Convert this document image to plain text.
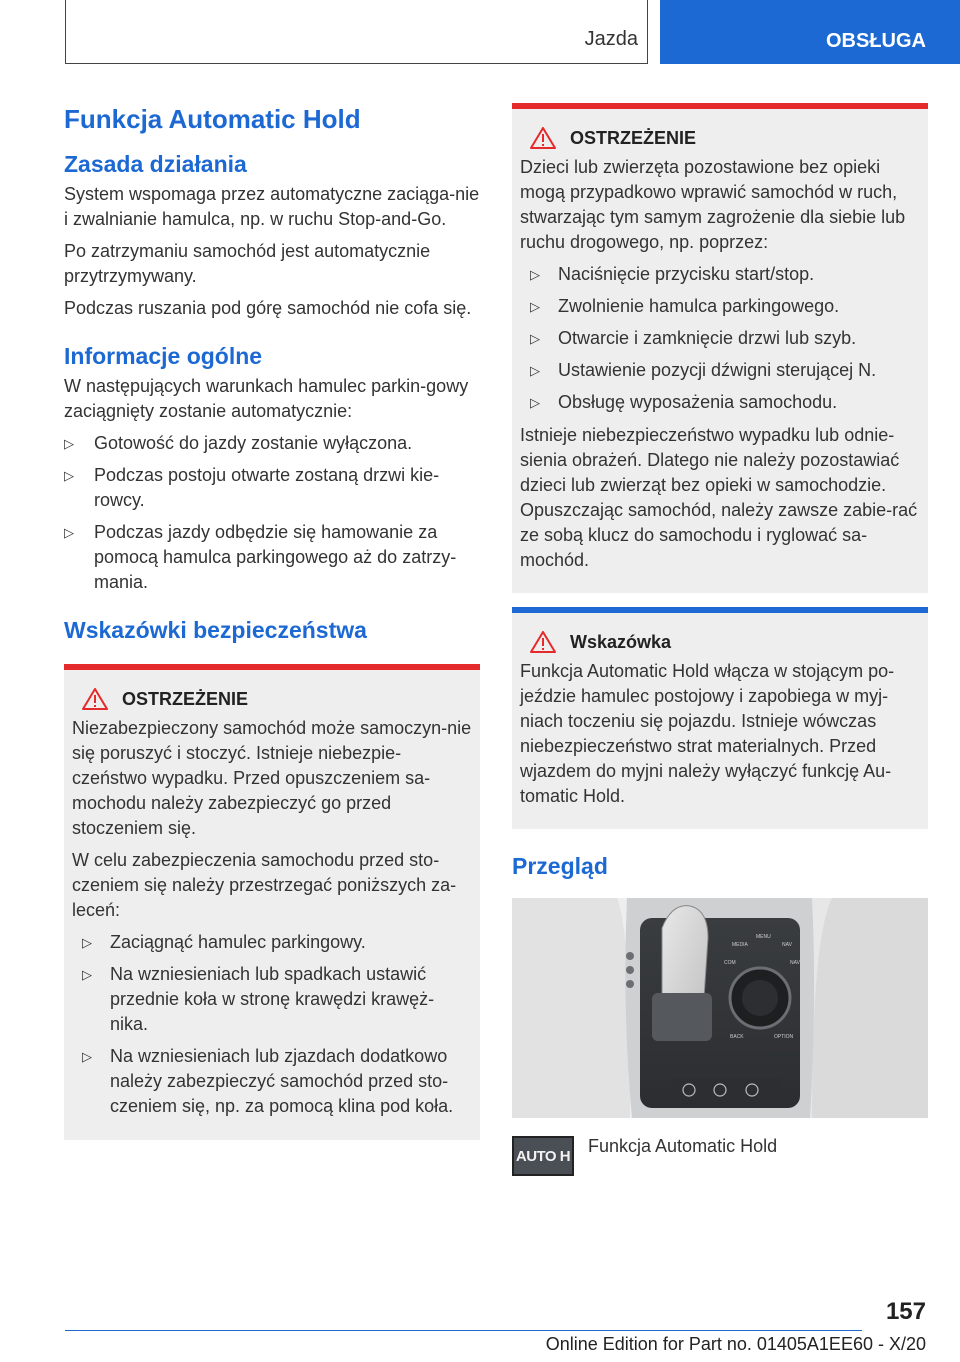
Jazda	OBSŁUGA
Funkcja Automatic Hold
Zasada działania

System wspomaga przez automatyczne zaciąga-nie i zwalnianie hamulca, np. w ruchu Stop-and-Go.

Po zatrzymaniu samochód jest automatycznie przytrzymywany.

Podczas ruszania pod górę samochód nie cofa się.

Informacje ogólne

W następujących warunkach hamulec parkin-gowy zaciągnięty zostanie automatycznie:

▷ Gotowość do jazdy zostanie wyłączona.
▷ Podczas postoju otwarte zostaną drzwi kie-rowcy.
▷ Podczas jazdy odbędzie się hamowanie za pomocą hamulca parkingowego aż do zatrzy-mania.
Wskazówki bezpieczeństwa
OSTRZEŻENIE

Niezabezpieczony samochód może samoczyn-nie się poruszyć i stoczyć. Istnieje niebezpie-czeństwo wypadku. Przed opuszczeniem sa-mochodu należy zabezpieczyć go przed stoczeniem się.

W celu zabezpieczenia samochodu przed sto-czeniem się należy przestrzegać poniższych za-leceń:

▷ Zaciągnąć hamulec parkingowy.
▷ Na wzniesieniach lub spadkach ustawić przednie koła w stronę krawędzi krawęż-nika.
▷ Na wzniesieniach lub zjazdach dodatkowo należy zabezpieczyć samochód przed sto-czeniem się, np. za pomocą klina pod koła.
OSTRZEŻENIE

Dzieci lub zwierzęta pozostawione bez opieki mogą przypadkowo wprawić samochód w ruch, stwarzając tym samym zagrożenie dla siebie lub ruchu drogowego, np. poprzez:

▷ Naciśnięcie przycisku start/stop.
▷ Zwolnienie hamulca parkingowego.
▷ Otwarcie i zamknięcie drzwi lub szyb.
▷ Ustawienie pozycji dźwigni sterującej N.
▷ Obsługę wyposażenia samochodu.

Istnieje niebezpieczeństwo wypadku lub odnie-sienia obrażeń. Dlatego nie należy pozostawiać dzieci lub zwierząt bez opieki w samochodzie. Opuszczając samochód, należy zawsze zabie-rać ze sobą klucz do samochodu i ryglować sa-mochód.

Wskazówka

Funkcja Automatic Hold włącza w stojącym po-jeździe hamulec postojowy i zapobiega w myj-niach toczeniu się pojazdu. Istnieje wówczas niebezpieczeństwo strat materialnych. Przed wjazdem do myjni należy wyłączyć funkcję Au-tomatic Hold.

Przegląd
MEDIA	NAV
COM	NAV
BACK	OPTION
MENU
AUTO H Funkcja Automatic Hold
157
Online Edition for Part no. 01405A1EE60 - X/20
